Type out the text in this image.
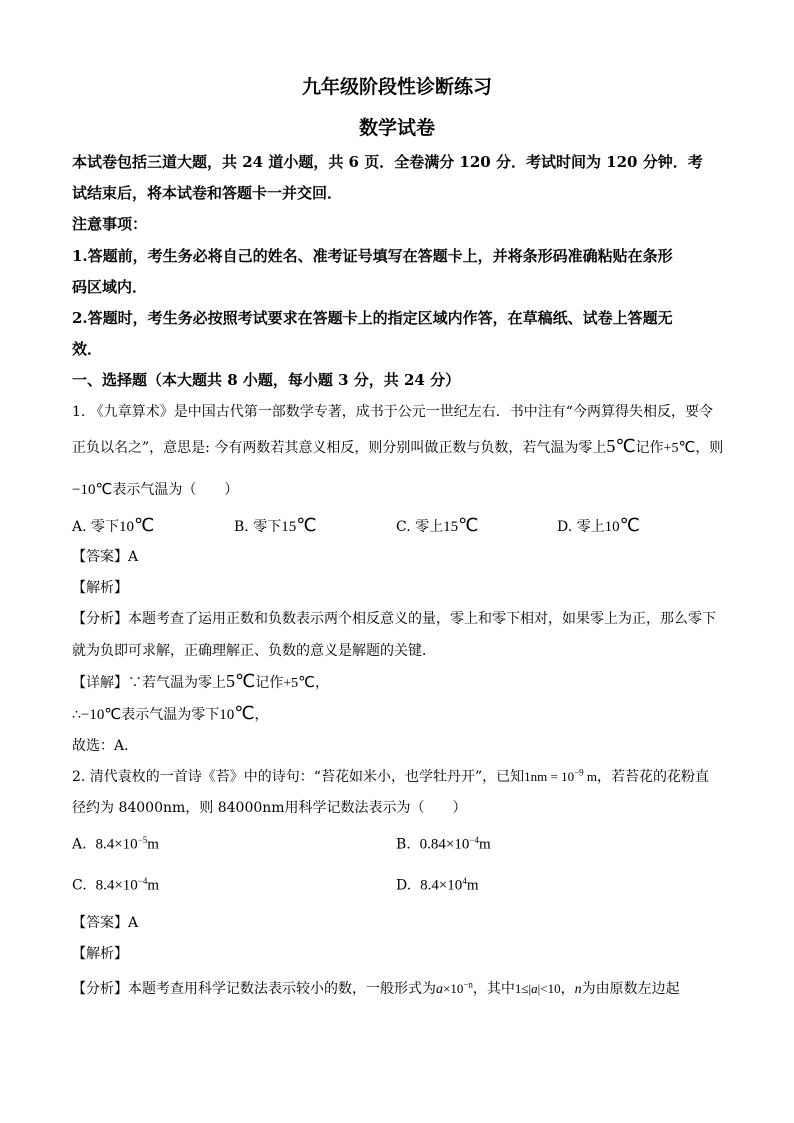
九年级阶段性诊断练习
数学试卷
本试卷包括三道大题，共 24 道小题，共 6 页．全卷满分 120 分．考试时间为 120 分钟．考
试结束后，将本试卷和答题卡一并交回．
注意事项：
1.答题前，考生务必将自己的姓名、准考证号填写在答题卡上，并将条形码准确粘贴在条形
码区域内．
2.答题时，考生务必按照考试要求在答题卡上的指定区域内作答，在草稿纸、试卷上答题无
效．
一、选择题（本大题共 8 小题，每小题 3 分，共 24 分）
1. 《九章算术》是中国古代第一部数学专著，成书于公元一世纪左右．书中注有“今两算得失相反，要令
正负以名之”，意思是: 今有两数若其意义相反，则分别叫做正数与负数，若气温为零上5℃记作+5℃，则
−10℃表示气温为（　　）
A. 零下10℃	B. 零下15℃	C. 零上15℃	D. 零上10℃
【答案】A
【解析】
【分析】本题考查了运用正数和负数表示两个相反意义的量，零上和零下相对，如果零上为正，那么零下
就为负即可求解，正确理解正、负数的意义是解题的关键．
【详解】∵若气温为零上5℃记作+5℃，
∴−10℃表示气温为零下10℃，
故选：A．
2. 清代袁枚的一首诗《苔》中的诗句：“苔花如米小，也学牡丹开”，已知$1nm = 10^{-9}$ m，若苔花的花粉直
径约为 84000nm，则 84000nm用科学记数法表示为（　　）
A. $8.4\times 10^{-5}m$	B. $0.84\times 10^{-4}m$
C. $8.4\times 10^{-4}m$	D. $8.4\times 10^4m$
【答案】A
【解析】
【分析】本题考查用科学记数法表示较小的数，一般形式为$a\times 10^{-n}$，其中1≤|a|<10，n为由原数左边起
